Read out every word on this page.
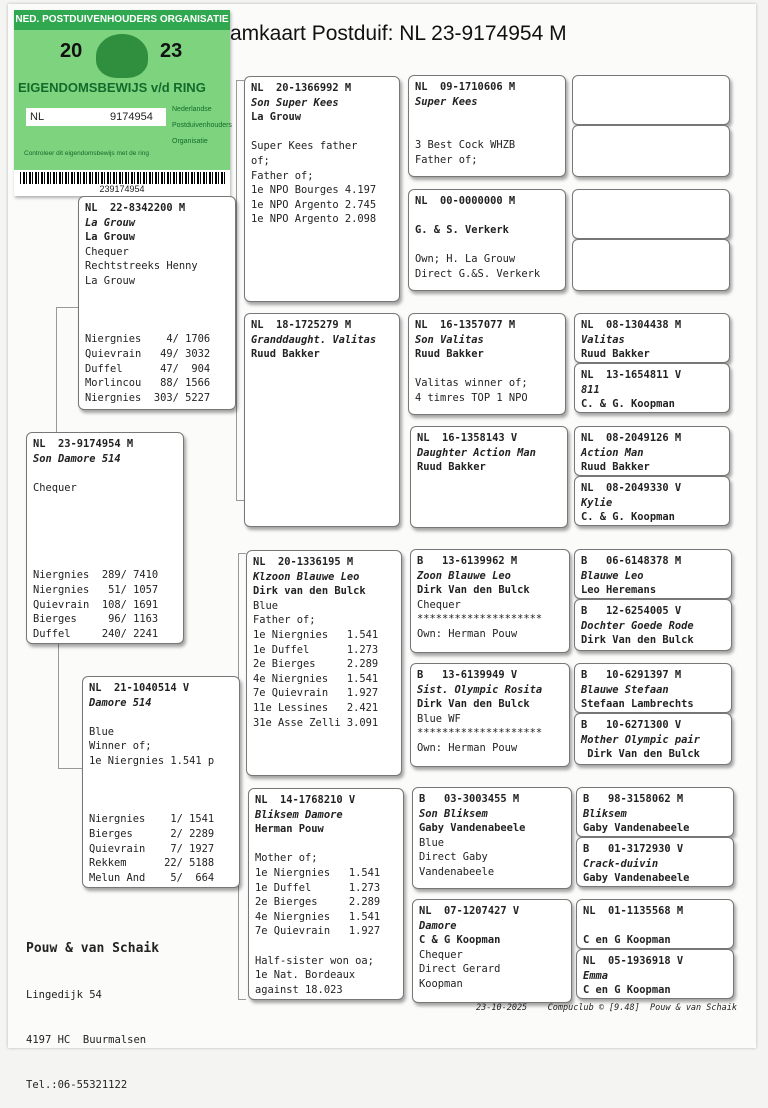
amkaart Postduif: NL 23-9174954 M
NED. POSTDUIVENHOUDERS ORGANISATIE
20	23
EIGENDOMSBEWIJS v/d RING
NL	9174954
Nederlandse
Postduivenhouders
Organisatie
Controleer dit eigendomsbewijs met de ring
239174954
NL  23-9174954 M
Son Damore 514
Chequer
Niergnies  289/ 7410
Niergnies   51/ 1057
Quievrain  108/ 1691
Bierges     96/ 1163
Duffel     240/ 2241
NL  22-8342200 M
La Grouw
La Grouw
Chequer
Rechtstreeks Henny
La Grouw
Niergnies    4/ 1706
Quievrain   49/ 3032
Duffel      47/  904
Morlincou   88/ 1566
Niergnies  303/ 5227
NL  21-1040514 V
Damore 514
Blue
Winner of;
1e Niergnies 1.541 p
Niergnies    1/ 1541
Bierges      2/ 2289
Quievrain    7/ 1927
Rekkem      22/ 5188
Melun And    5/  664
NL  20-1366992 M
Son Super Kees
La Grouw
Super Kees father
of;
Father of;
1e NPO Bourges 4.197
1e NPO Argento 2.745
1e NPO Argento 2.098
NL  18-1725279 M
Granddaught. Valitas
Ruud Bakker
NL  20-1336195 M
Klzoon Blauwe Leo
Dirk van den Bulck
Blue
Father of;
1e Niergnies   1.541
1e Duffel      1.273
2e Bierges     2.289
4e Niergnies   1.541
7e Quievrain   1.927
11e Lessines   2.421
31e Asse Zelli 3.091
NL  14-1768210 V
Bliksem Damore
Herman Pouw
Mother of;
1e Niergnies   1.541
1e Duffel      1.273
2e Bierges     2.289
4e Niergnies   1.541
7e Quievrain   1.927
Half-sister won oa;
1e Nat. Bordeaux
against 18.023
NL  09-1710606 M
Super Kees
3 Best Cock WHZB
Father of;
NL  00-0000000 M
G. & S. Verkerk
Own; H. La Grouw
Direct G.&S. Verkerk
NL  16-1357077 M
Son Valitas
Ruud Bakker
Valitas winner of;
4 timres TOP 1 NPO
NL  16-1358143 V
Daughter Action Man
Ruud Bakker
B   13-6139962 M
Zoon Blauwe Leo
Dirk Van den Bulck
Chequer
********************
Own: Herman Pouw
B   13-6139949 V
Sist. Olympic Rosita
Dirk Van den Bulck
Blue WF
********************
Own: Herman Pouw
B   03-3003455 M
Son Bliksem
Gaby Vandenabeele
Blue
Direct Gaby
Vandenabeele
NL  07-1207427 V
Damore
C & G Koopman
Chequer
Direct Gerard
Koopman
NL  08-1304438 M
Valitas
Ruud Bakker
NL  13-1654811 V
811
C. & G. Koopman
NL  08-2049126 M
Action Man
Ruud Bakker
NL  08-2049330 V
Kylie
C. & G. Koopman
B   06-6148378 M
Blauwe Leo
Leo Heremans
B   12-6254005 V
Dochter Goede Rode
Dirk Van den Bulck
B   10-6291397 M
Blauwe Stefaan
Stefaan Lambrechts
B   10-6271300 V
Mother Olympic pair
Dirk Van den Bulck
B   98-3158062 M
Bliksem
Gaby Vandenabeele
B   01-3172930 V
Crack-duivin
Gaby Vandenabeele
NL  01-1135568 M
C en G Koopman
NL  05-1936918 V
Emma
C en G Koopman

Pouw & van Schaik

Lingedijk 54

4197 HC  Buurmalsen

Tel.:06-55321122

23-10-2025    Compuclub © [9.48]  Pouw & van Schaik
